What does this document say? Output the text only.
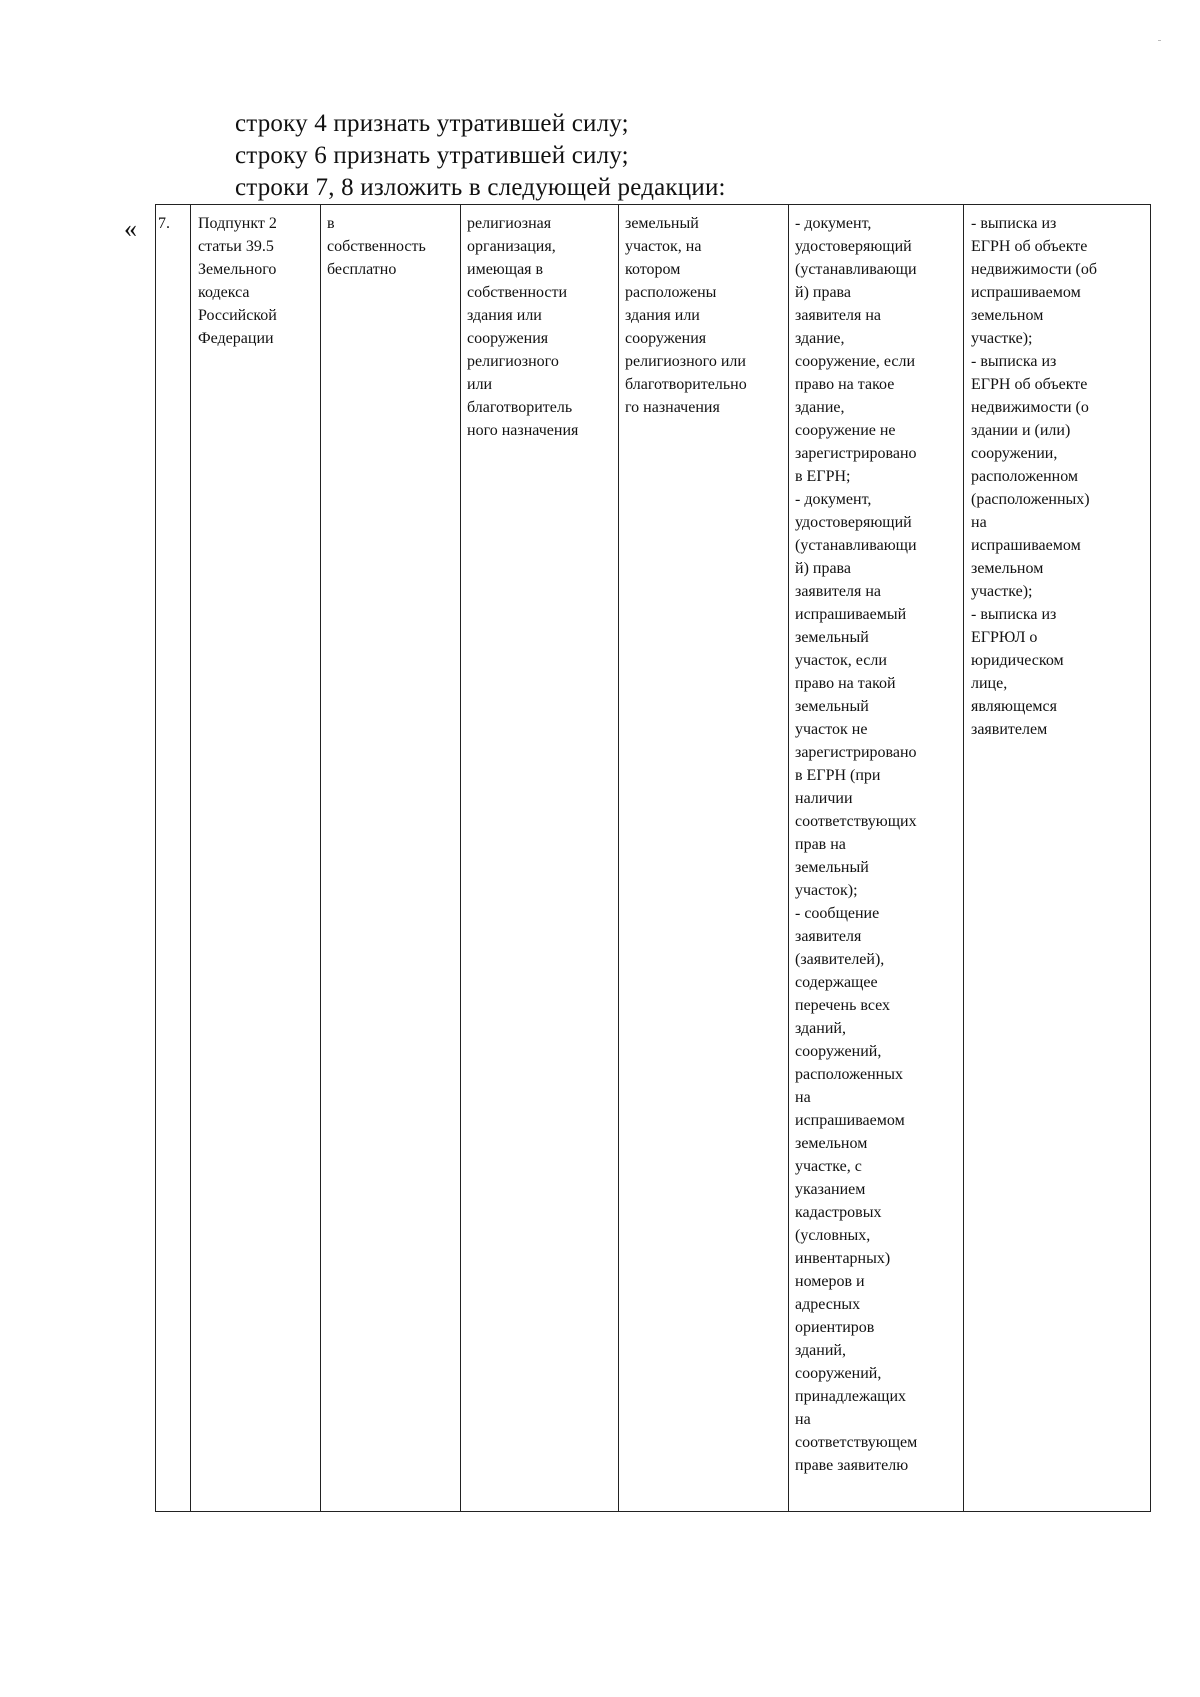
строку 4 признать утратившей силу;
строку 6 признать утратившей силу;
строки 7, 8 изложить в следующей редакции:
« 7. Подпункт 2
статьи 39.5
Земельного
кодекса
Российской
Федерации
в
собственность
бесплатно
религиозная
организация,
имеющая в
собственности
здания или
сооружения
религиозного
или
благотворитель
ного назначения
земельный
участок, на
котором
расположены
здания или
сооружения
религиозного или
благотворительно
го назначения
- документ,
удостоверяющий
(устанавливающи
й) права
заявителя на
здание,
сооружение, если
право на такое
здание,
сооружение не
зарегистрировано
в ЕГРН;
- документ,
удостоверяющий
(устанавливающи
й) права
заявителя на
испрашиваемый
земельный
участок, если
право на такой
земельный
участок не
зарегистрировано
в ЕГРН (при
наличии
соответствующих
прав на
земельный
участок);
- сообщение
заявителя
(заявителей),
содержащее
перечень всех
зданий,
сооружений,
расположенных
на
испрашиваемом
земельном
участке, с
указанием
кадастровых
(условных,
инвентарных)
номеров и
адресных
ориентиров
зданий,
сооружений,
принадлежащих
на
соответствующем
праве заявителю
- выписка из
ЕГРН об объекте
недвижимости (об
испрашиваемом
земельном
участке);
- выписка из
ЕГРН об объекте
недвижимости (о
здании и (или)
сооружении,
расположенном
(расположенных)
на
испрашиваемом
земельном
участке);
- выписка из
ЕГРЮЛ о
юридическом
лице,
являющемся
заявителем
